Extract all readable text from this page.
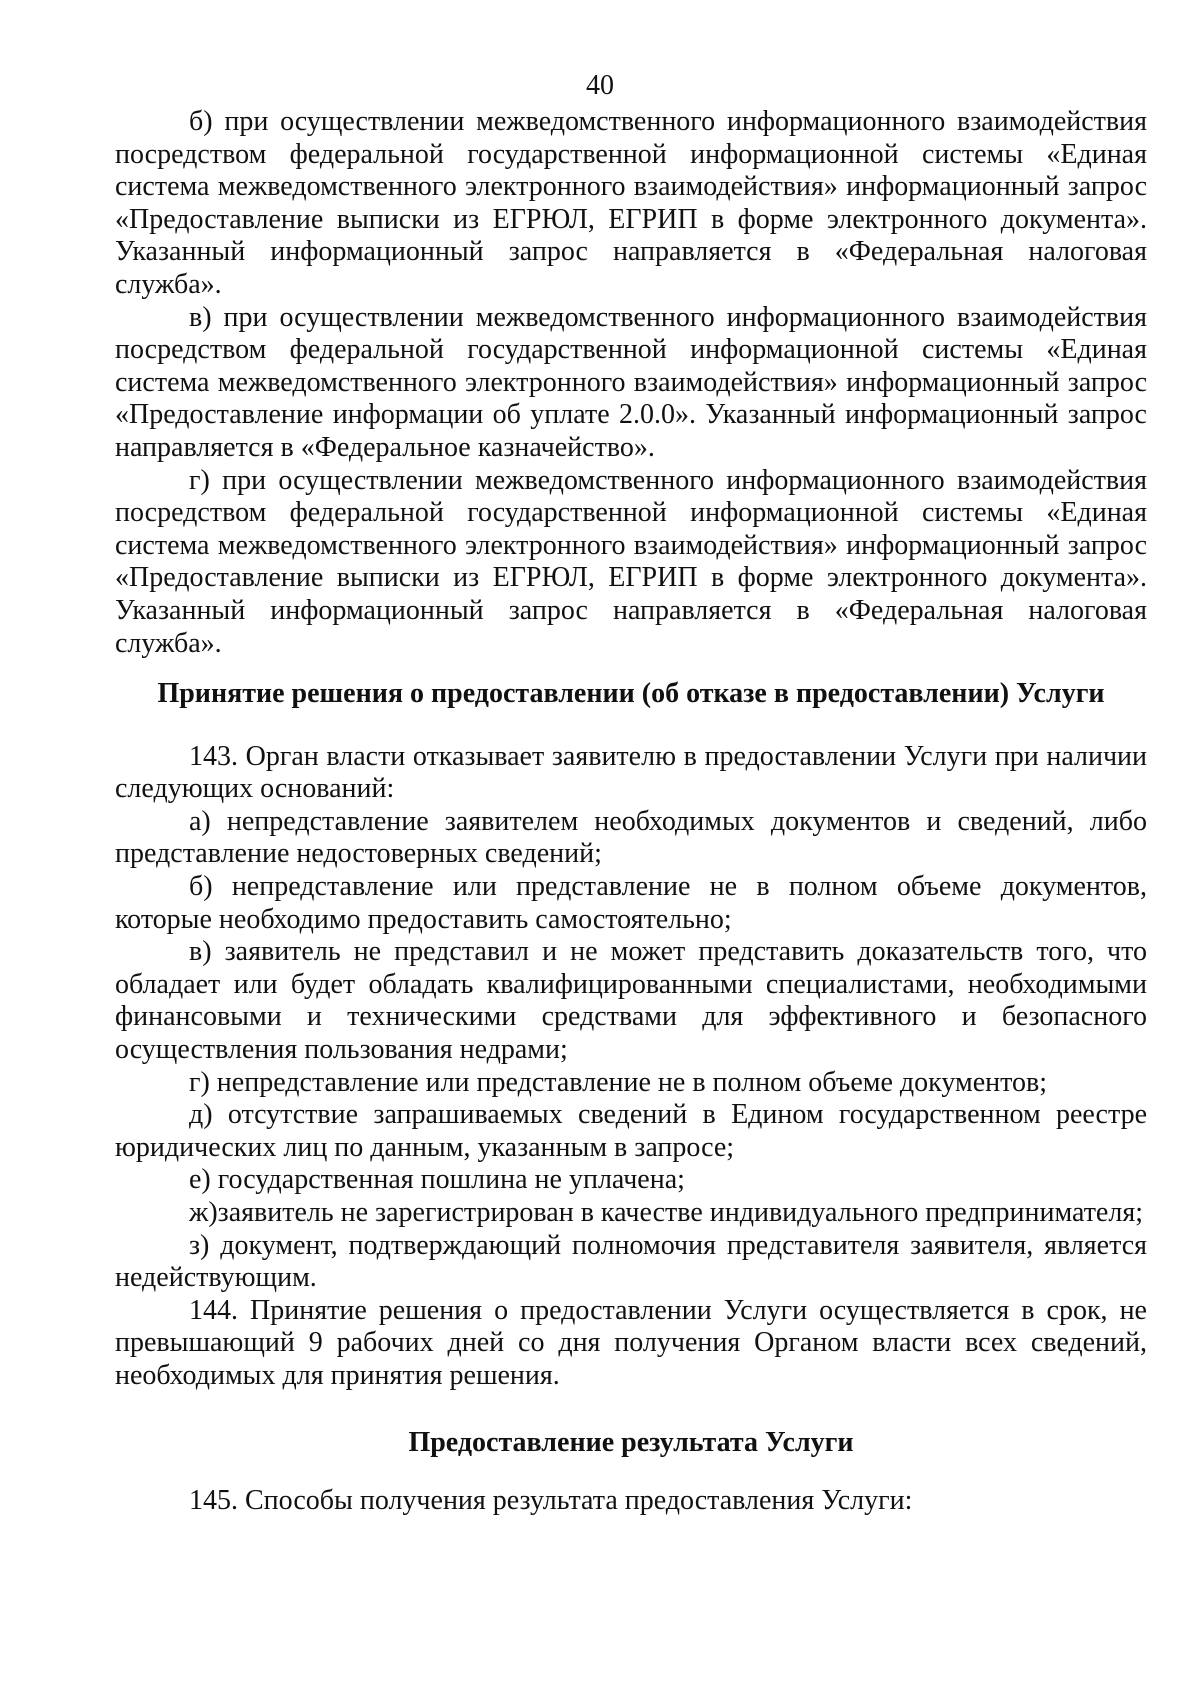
40

б) при осуществлении межведомственного информационного взаимодействия посредством федеральной государственной информационной системы «Единая система межведомственного электронного взаимодействия» информационный запрос «Предоставление выписки из ЕГРЮЛ, ЕГРИП в форме электронного документа». Указанный информационный запрос направляется в «Федеральная налоговая служба».

в) при осуществлении межведомственного информационного взаимодействия посредством федеральной государственной информационной системы «Единая система межведомственного электронного взаимодействия» информационный запрос «Предоставление информации об уплате 2.0.0». Указанный информационный запрос направляется в «Федеральное казначейство».

г) при осуществлении межведомственного информационного взаимодействия посредством федеральной государственной информационной системы «Единая система межведомственного электронного взаимодействия» информационный запрос «Предоставление выписки из ЕГРЮЛ, ЕГРИП в форме электронного документа». Указанный информационный запрос направляется в «Федеральная налоговая служба».

Принятие решения о предоставлении (об отказе в предоставлении) Услуги

143. Орган власти отказывает заявителю в предоставлении Услуги при наличии следующих оснований:

а) непредставление заявителем необходимых документов и сведений, либо представление недостоверных сведений;

б) непредставление или представление не в полном объеме документов, которые необходимо предоставить самостоятельно;

в) заявитель не представил и не может представить доказательств того, что обладает или будет обладать квалифицированными специалистами, необходимыми финансовыми и техническими средствами для эффективного и безопасного осуществления пользования недрами;

г) непредставление или представление не в полном объеме документов;

д) отсутствие запрашиваемых сведений в Едином государственном реестре юридических лиц по данным, указанным в запросе;

е) государственная пошлина не уплачена;

ж)заявитель не зарегистрирован в качестве индивидуального предпринимателя;

з) документ, подтверждающий полномочия представителя заявителя, является недействующим.

144. Принятие решения о предоставлении Услуги осуществляется в срок, не превышающий 9 рабочих дней со дня получения Органом власти всех сведений, необходимых для принятия решения.

Предоставление результата Услуги

145. Способы получения результата предоставления Услуги:
